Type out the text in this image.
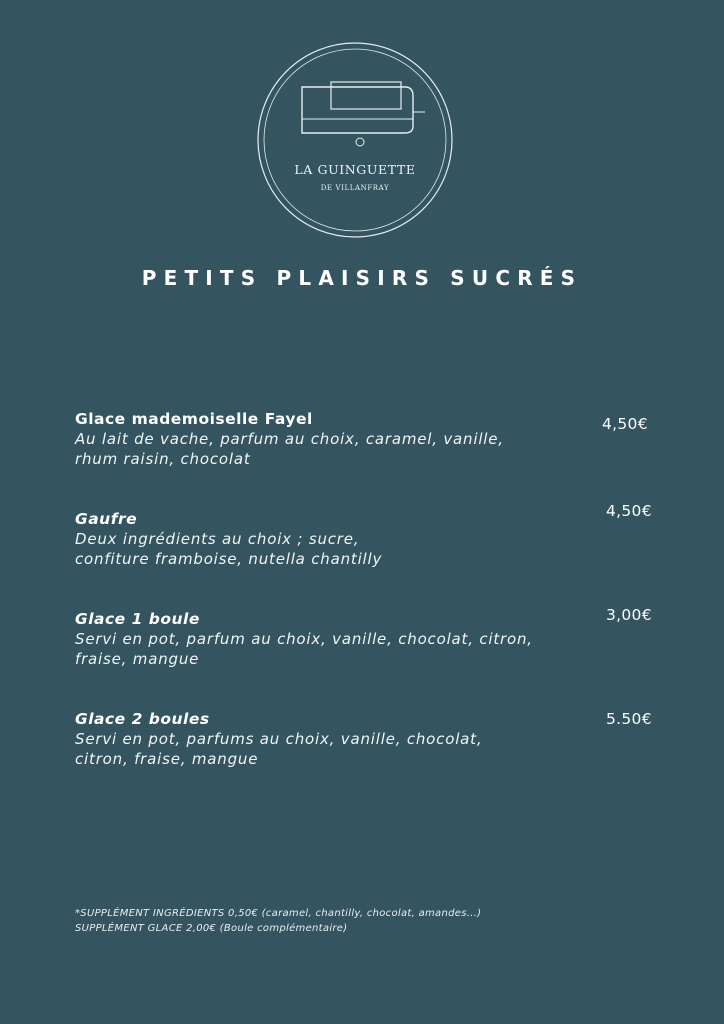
LA GUINGUETTE
DE VILLANFRAY
PETITS PLAISIRS SUCRÉS
Glace mademoiselle Fayel
Au lait de vache, parfum au choix, caramel, vanille,
rhum raisin, chocolat
4,50€
Gaufre
Deux ingrédients au choix ; sucre,
confiture framboise, nutella chantilly
4,50€
Glace 1 boule
Servi en pot, parfum au choix, vanille, chocolat, citron,
fraise, mangue
3,00€
Glace 2 boules
Servi en pot, parfums au choix, vanille, chocolat,
citron, fraise, mangue
5.50€
*SUPPLÉMENT INGRÉDIENTS 0,50€ (caramel, chantilly, chocolat, amandes...)
SUPPLÉMENT GLACE 2,00€ (Boule complémentaire)
